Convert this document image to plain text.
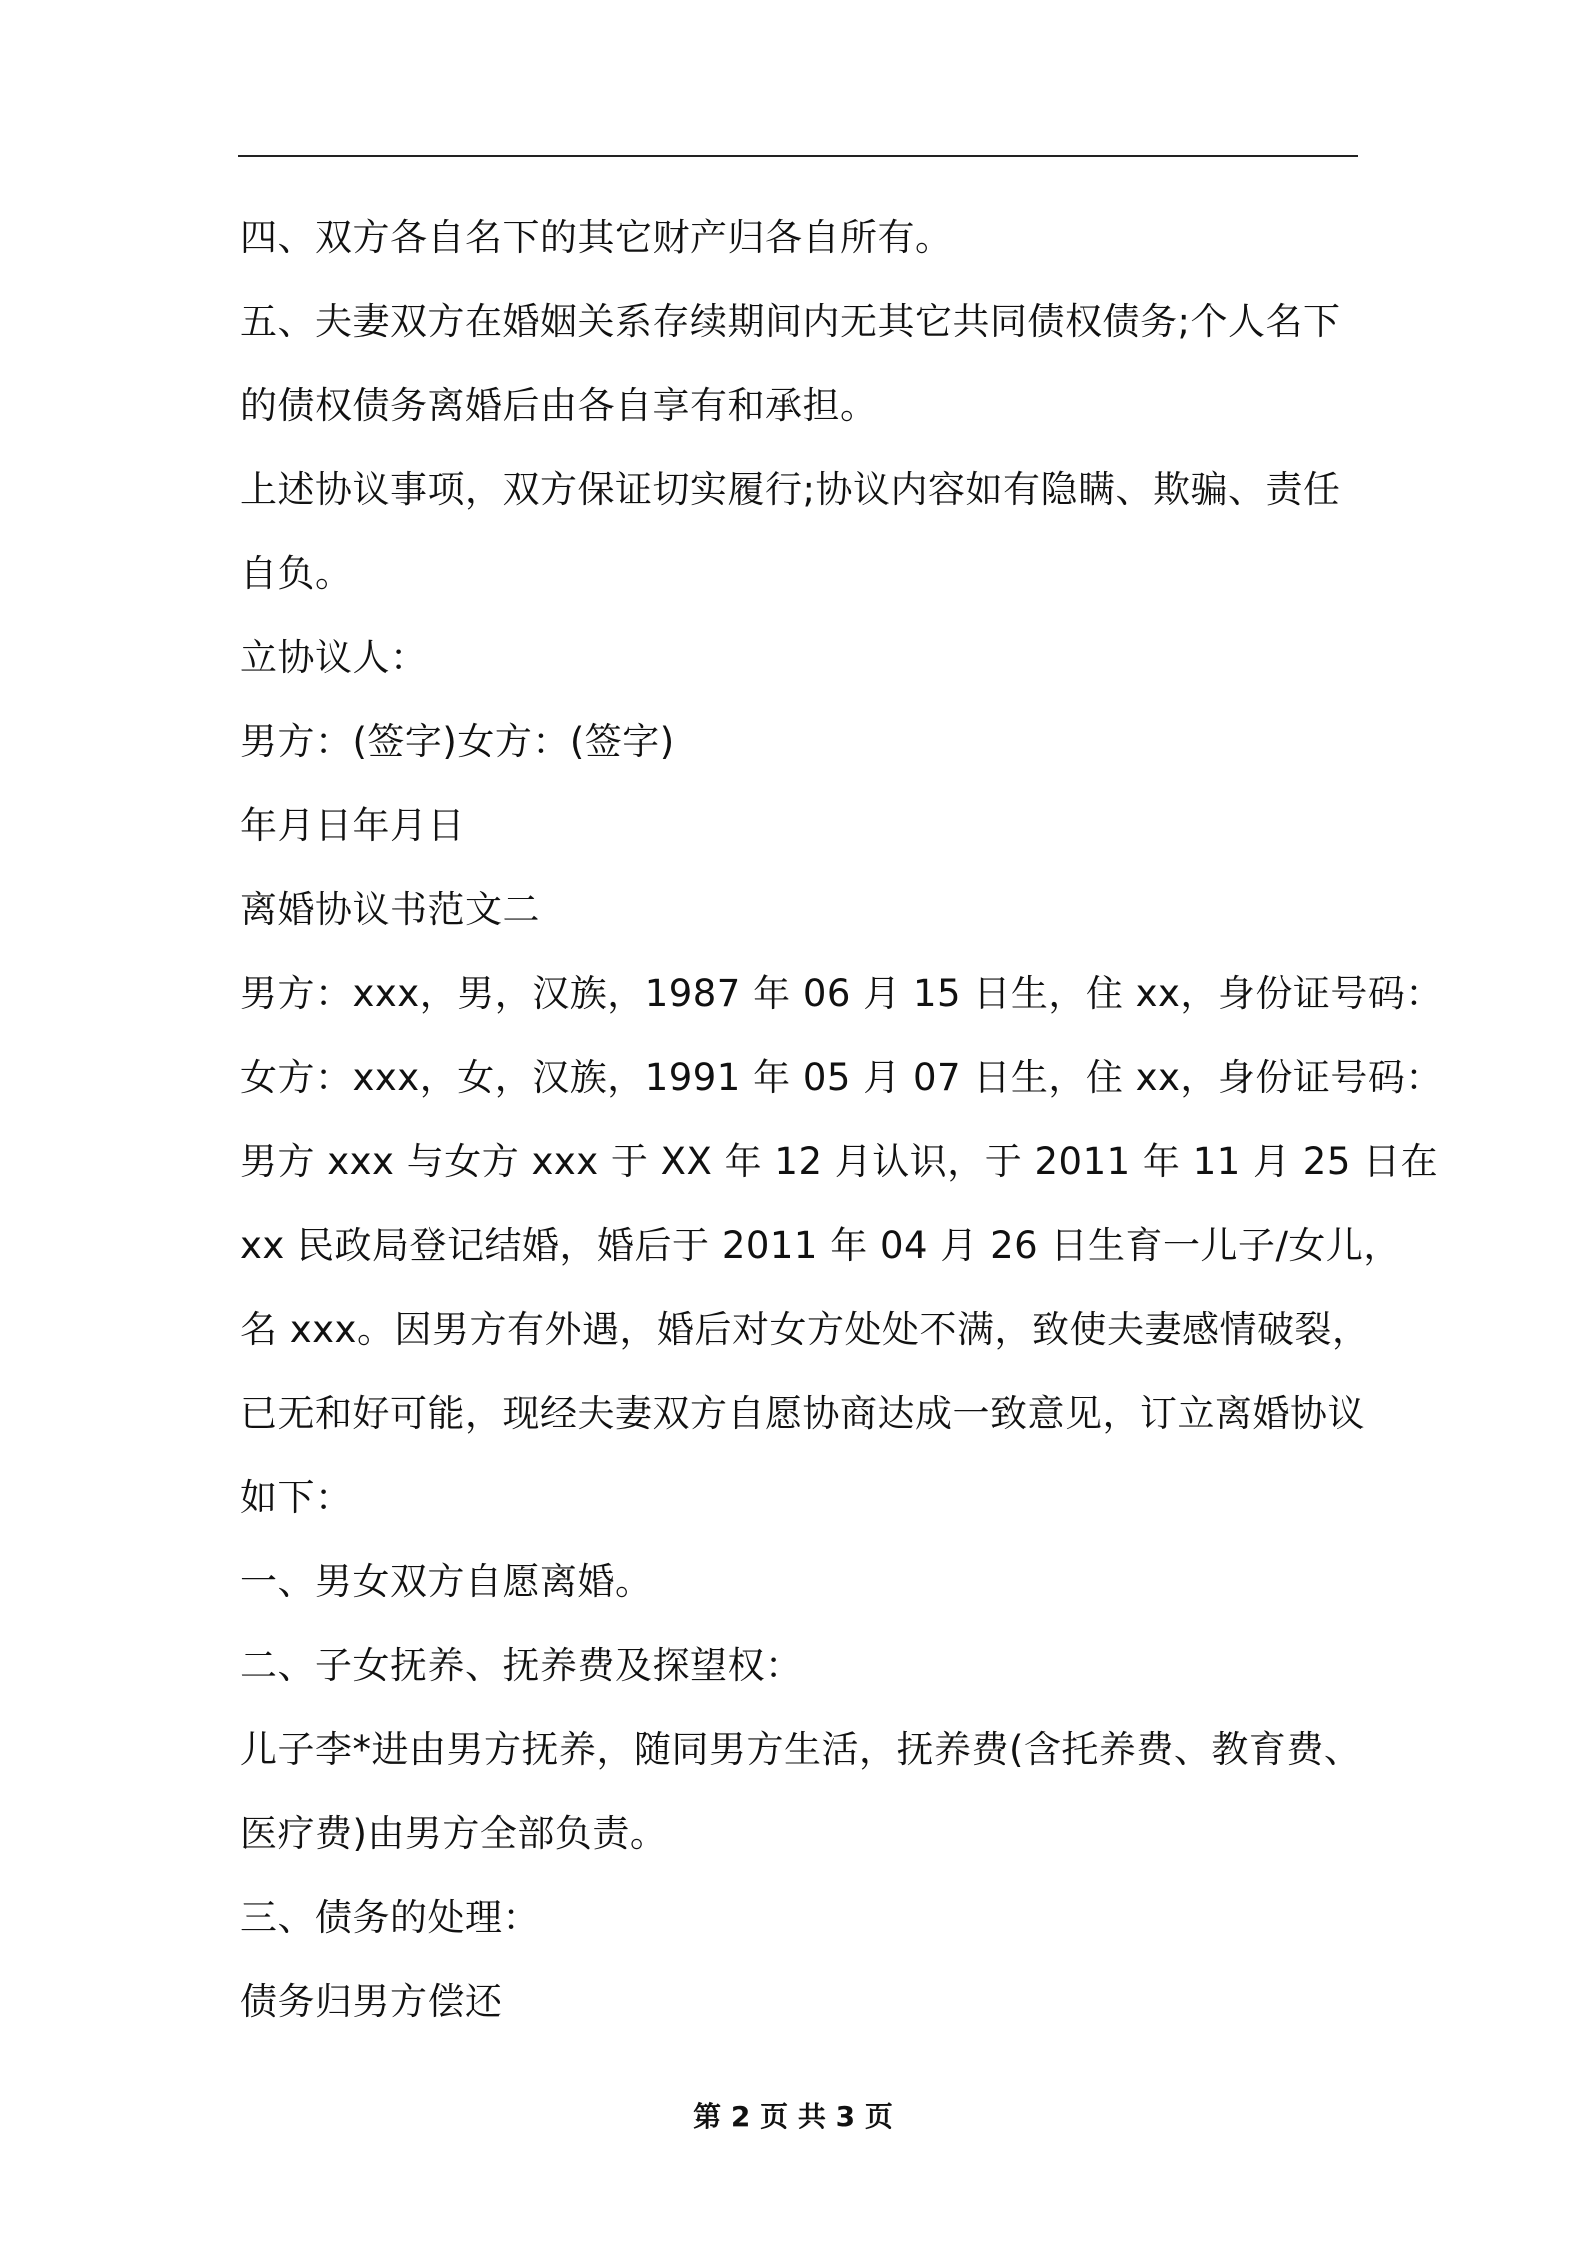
四、双方各自名下的其它财产归各自所有。
五、夫妻双方在婚姻关系存续期间内无其它共同债权债务;个人名下
的债权债务离婚后由各自享有和承担。
上述协议事项，双方保证切实履行;协议内容如有隐瞒、欺骗、责任
自负。
立协议人：
男方：(签字)女方：(签字)
年月日年月日
离婚协议书范文二
男方：xxx，男，汉族，1987 年 06 月 15 日生，住 xx，身份证号码：
女方：xxx，女，汉族，1991 年 05 月 07 日生，住 xx，身份证号码：
男方 xxx 与女方 xxx 于 XX 年 12 月认识，于 2011 年 11 月 25 日在
xx 民政局登记结婚，婚后于 2011 年 04 月 26 日生育一儿子/女儿，
名 xxx。因男方有外遇，婚后对女方处处不满，致使夫妻感情破裂，
已无和好可能，现经夫妻双方自愿协商达成一致意见，订立离婚协议
如下：
一、男女双方自愿离婚。
二、子女抚养、抚养费及探望权：
儿子李*进由男方抚养，随同男方生活，抚养费(含托养费、教育费、
医疗费)由男方全部负责。
三、债务的处理：
债务归男方偿还
第 2 页 共 3 页
